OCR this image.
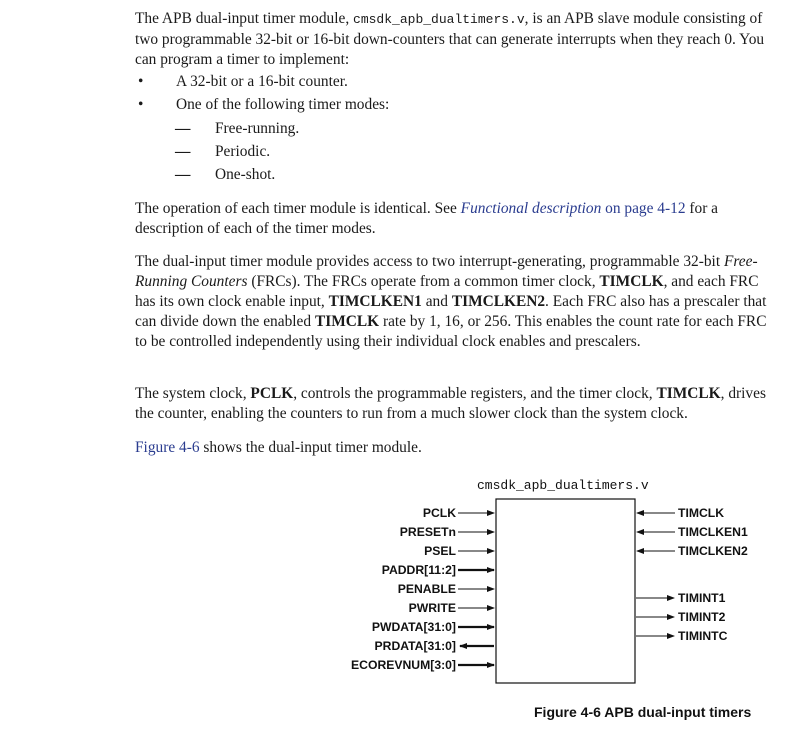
The APB dual-input timer module, cmsdk_apb_dualtimers.v, is an APB slave module consisting of two programmable 32-bit or 16-bit down-counters that can generate interrupts when they reach 0. You can program a timer to implement:
• A 32-bit or a 16-bit counter.
• One of the following timer modes:
— Free-running.
— Periodic.
— One-shot.
The operation of each timer module is identical. See Functional description on page 4-12 for a description of each of the timer modes.
The dual-input timer module provides access to two interrupt-generating, programmable 32-bit Free-Running Counters (FRCs). The FRCs operate from a common timer clock, TIMCLK, and each FRC has its own clock enable input, TIMCLKEN1 and TIMCLKEN2. Each FRC also has a prescaler that can divide down the enabled TIMCLK rate by 1, 16, or 256. This enables the count rate for each FRC to be controlled independently using their individual clock enables and prescalers.
The system clock, PCLK, controls the programmable registers, and the timer clock, TIMCLK, drives the counter, enabling the counters to run from a much slower clock than the system clock.
Figure 4-6 shows the dual-input timer module.
cmsdk_apb_dualtimers.v
PCLK
PRESETn
PSEL
PADDR[11:2]
PENABLE
PWRITE
PWDATA[31:0]
PRDATA[31:0]
ECOREVNUM[3:0]
TIMCLK
TIMCLKEN1
TIMCLKEN2
TIMINT1
TIMINT2
TIMINTC
Figure 4-6 APB dual-input timers
